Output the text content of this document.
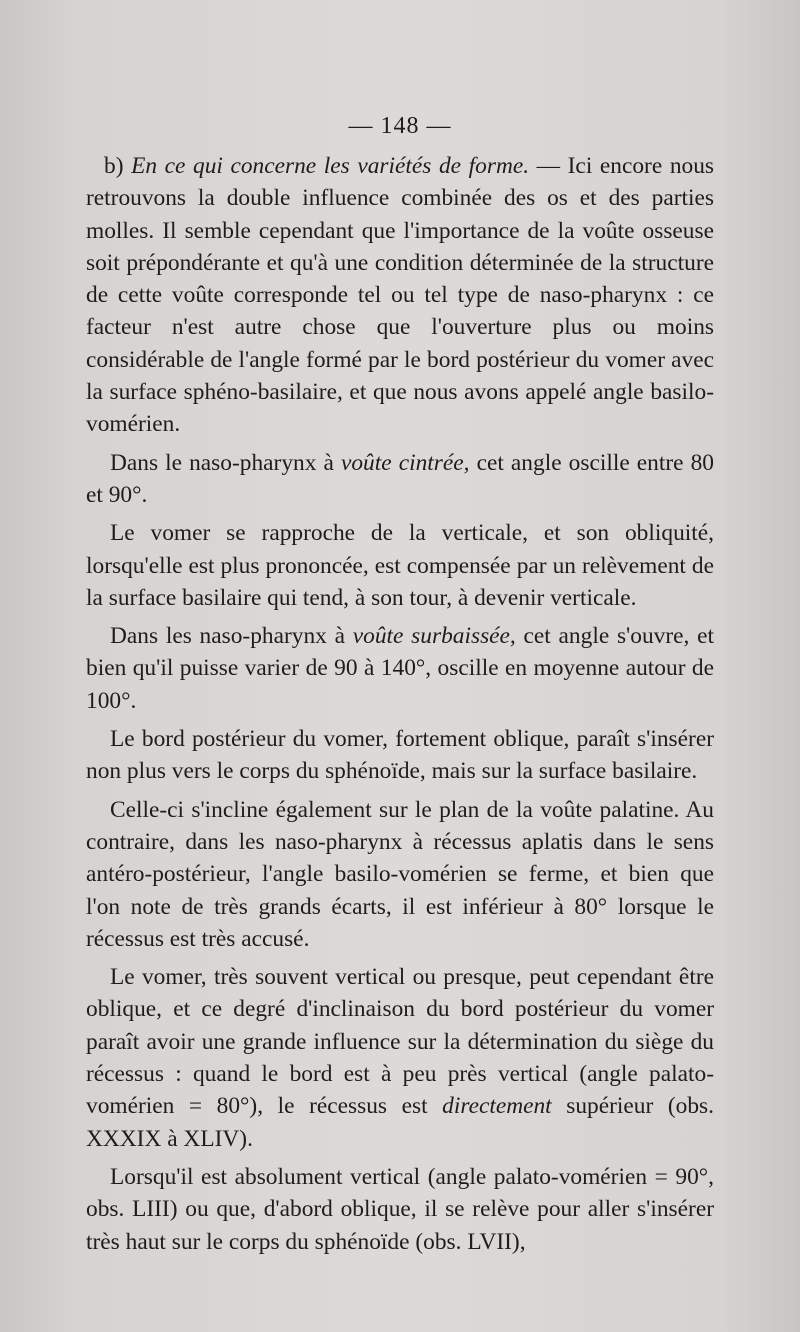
— 148 —

b) En ce qui concerne les variétés de forme. — Ici encore nous retrouvons la double influence combinée des os et des parties molles. Il semble cependant que l'importance de la voûte osseuse soit prépondérante et qu'à une condition déterminée de la structure de cette voûte corresponde tel ou tel type de naso-pharynx : ce facteur n'est autre chose que l'ouverture plus ou moins considérable de l'angle formé par le bord postérieur du vomer avec la surface sphéno-basilaire, et que nous avons appelé angle basilo-vomérien.

Dans le naso-pharynx à voûte cintrée, cet angle oscille entre 80 et 90°.

Le vomer se rapproche de la verticale, et son obliquité, lorsqu'elle est plus prononcée, est compensée par un relèvement de la surface basilaire qui tend, à son tour, à devenir verticale.

Dans les naso-pharynx à voûte surbaissée, cet angle s'ouvre, et bien qu'il puisse varier de 90 à 140°, oscille en moyenne autour de 100°.

Le bord postérieur du vomer, fortement oblique, paraît s'insérer non plus vers le corps du sphénoïde, mais sur la surface basilaire.

Celle-ci s'incline également sur le plan de la voûte palatine. Au contraire, dans les naso-pharynx à récessus aplatis dans le sens antéro-postérieur, l'angle basilo-vomérien se ferme, et bien que l'on note de très grands écarts, il est inférieur à 80° lorsque le récessus est très accusé.

Le vomer, très souvent vertical ou presque, peut cependant être oblique, et ce degré d'inclinaison du bord postérieur du vomer paraît avoir une grande influence sur la détermination du siège du récessus : quand le bord est à peu près vertical (angle palato-vomérien = 80°), le récessus est directement supérieur (obs. XXXIX à XLIV).

Lorsqu'il est absolument vertical (angle palato-vomérien = 90°, obs. LIII) ou que, d'abord oblique, il se relève pour aller s'insérer très haut sur le corps du sphénoïde (obs. LVII),
